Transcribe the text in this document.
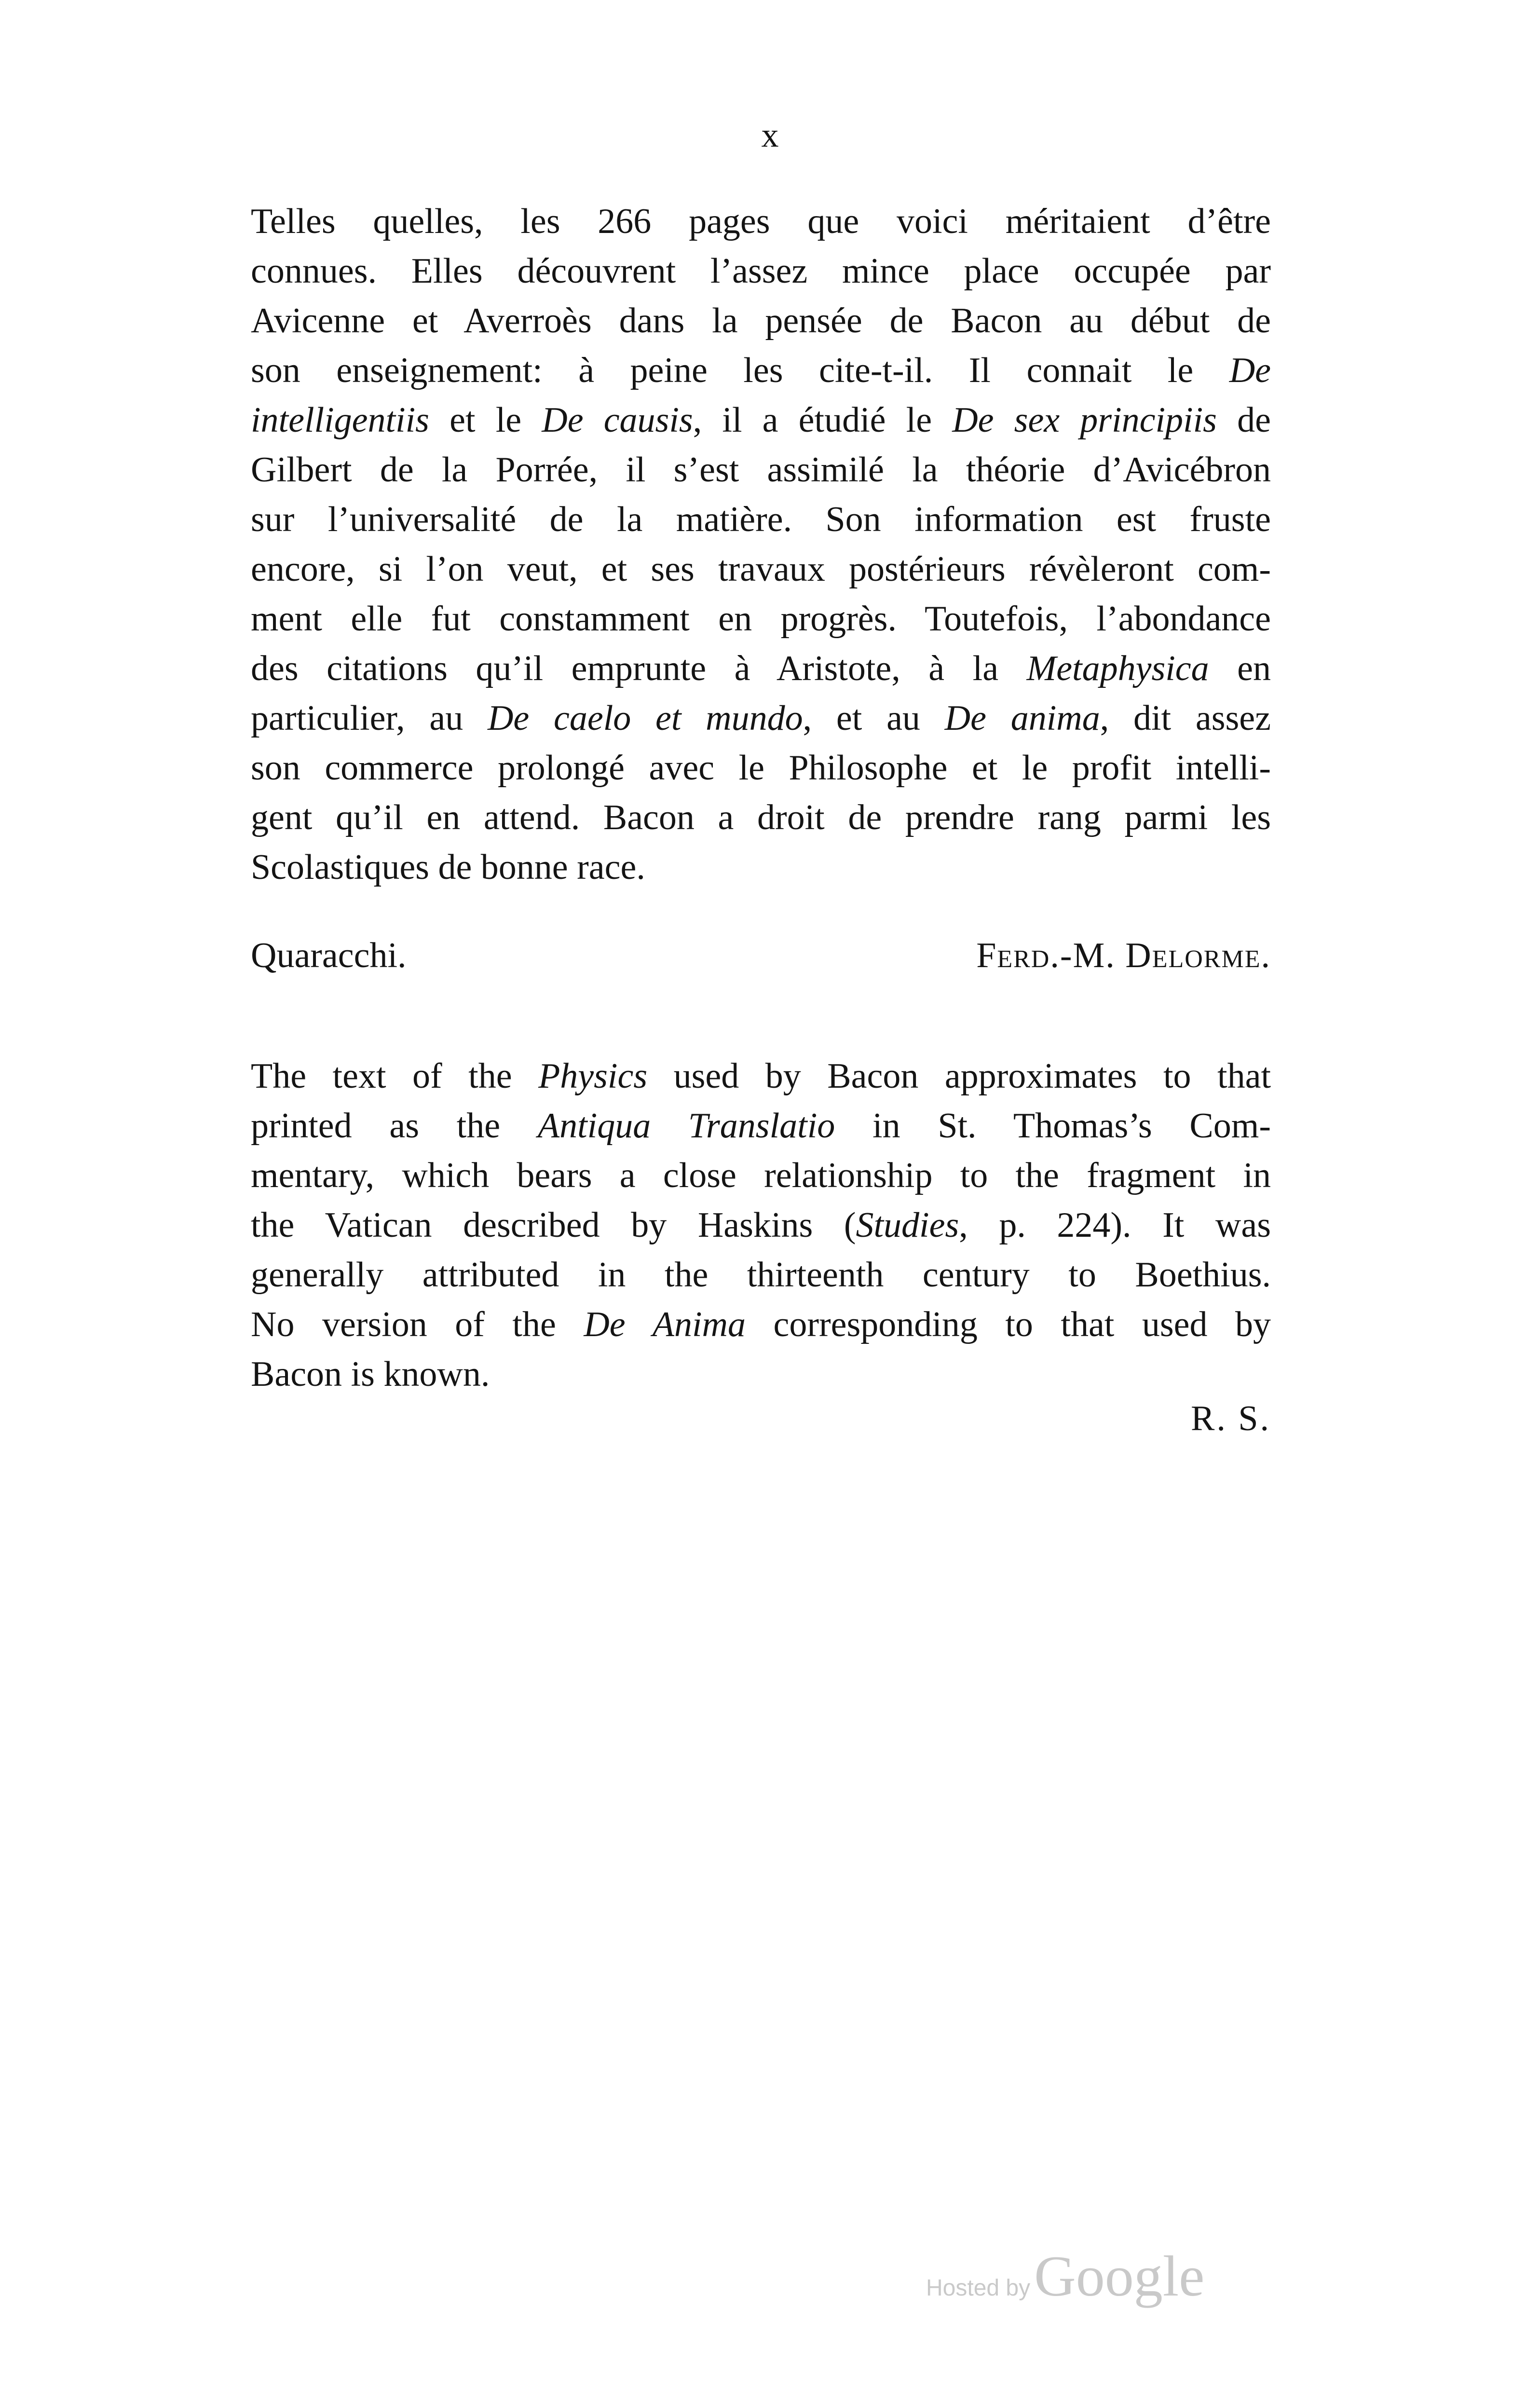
x
Telles quelles, les 266 pages que voici méritaient d’être
connues. Elles découvrent l’assez mince place occupée par
Avicenne et Averroès dans la pensée de Bacon au début de
son enseignement: à peine les cite-t-il. Il connait le De
intelligentiis et le De causis, il a étudié le De sex principiis de
Gilbert de la Porrée, il s’est assimilé la théorie d’Avicébron
sur l’universalité de la matière. Son information est fruste
encore, si l’on veut, et ses travaux postérieurs révèleront com-
ment elle fut constamment en progrès. Toutefois, l’abondance
des citations qu’il emprunte à Aristote, à la Metaphysica en
particulier, au De caelo et mundo, et au De anima, dit assez
son commerce prolongé avec le Philosophe et le profit intelli-
gent qu’il en attend. Bacon a droit de prendre rang parmi les
Scolastiques de bonne race.
Quaracchi.	Ferd.-M. Delorme.
The text of the Physics used by Bacon approximates to that
printed as the Antiqua Translatio in St. Thomas’s Com-
mentary, which bears a close relationship to the fragment in
the Vatican described by Haskins (Studies, p. 224). It was
generally attributed in the thirteenth century to Boethius.
No version of the De Anima corresponding to that used by
Bacon is known.
R. S.
Hosted byGoogle
